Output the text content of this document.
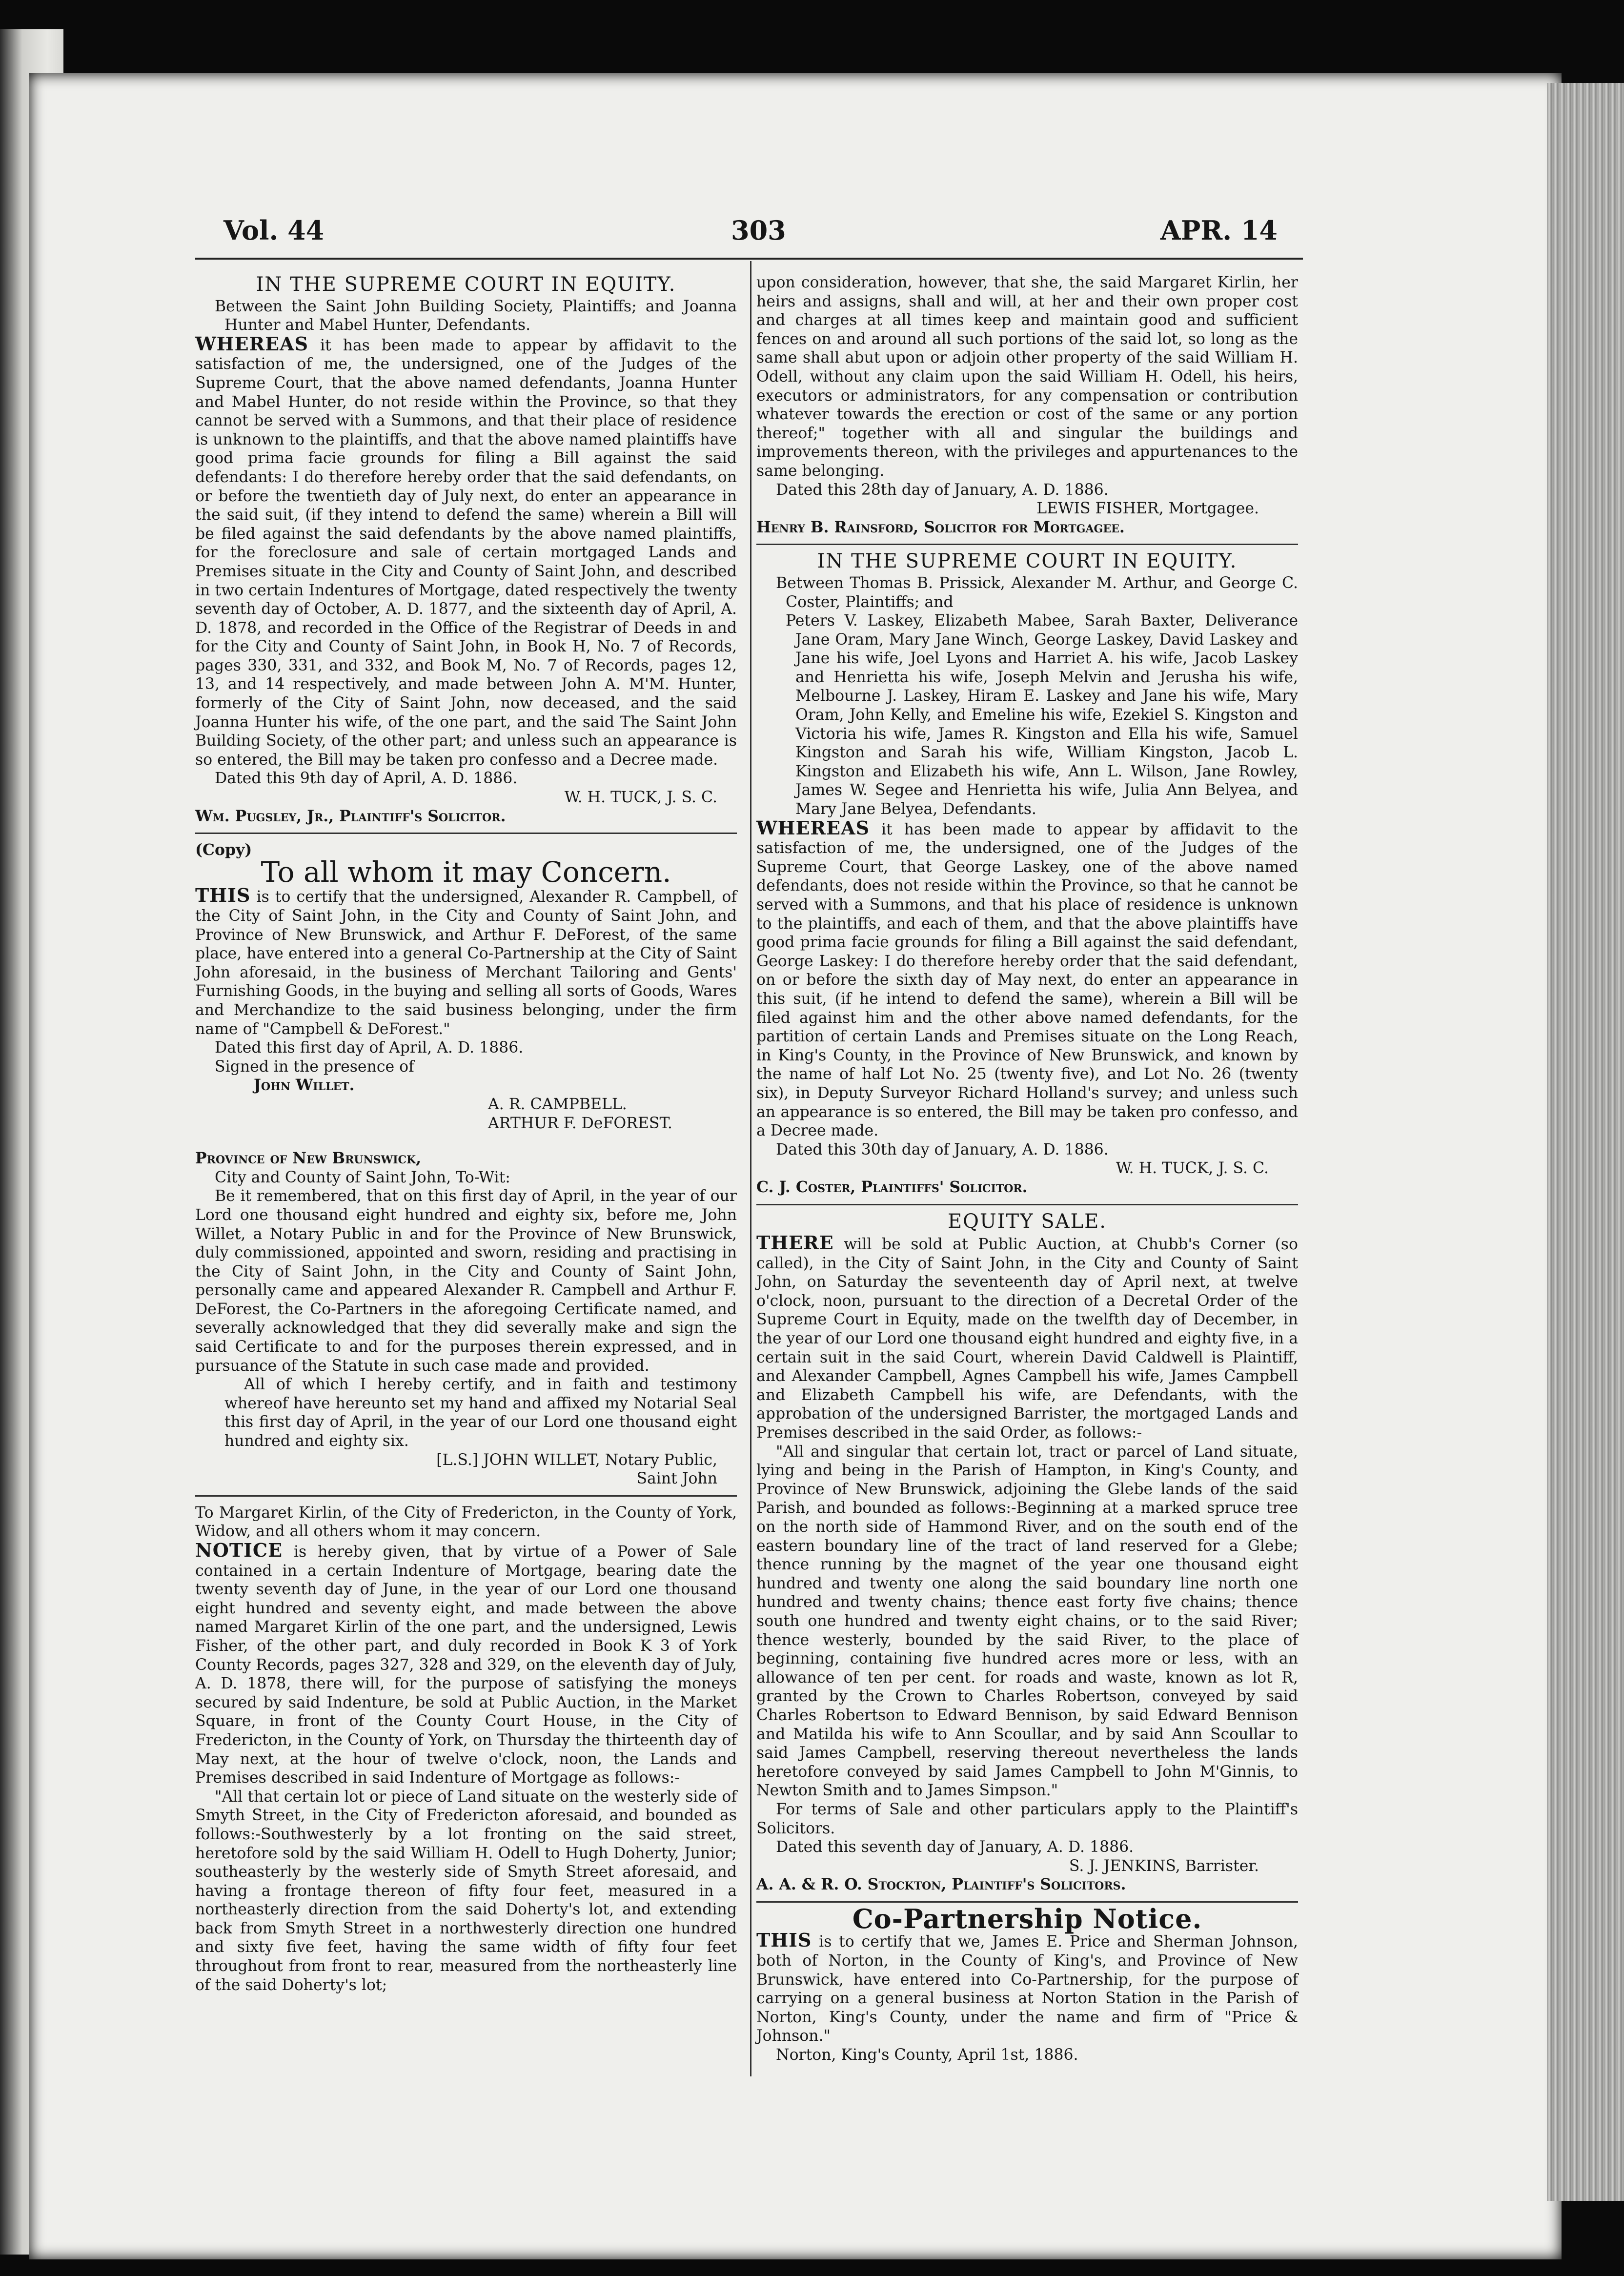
Vol. 44	303	APR. 14
IN THE SUPREME COURT IN EQUITY.

Between the Saint John Building Society, Plaintiffs; and Joanna Hunter and Mabel Hunter, Defendants.

WHEREAS it has been made to appear by affidavit to the satisfaction of me, the undersigned, one of the Judges of the Supreme Court, that the above named defendants, Joanna Hunter and Mabel Hunter, do not reside within the Province, so that they cannot be served with a Summons, and that their place of residence is unknown to the plaintiffs, and that the above named plaintiffs have good prima facie grounds for filing a Bill against the said defendants: I do therefore hereby order that the said defendants, on or before the twentieth day of July next, do enter an appearance in the said suit, (if they intend to defend the same) wherein a Bill will be filed against the said defendants by the above named plaintiffs, for the foreclosure and sale of certain mortgaged Lands and Premises situate in the City and County of Saint John, and described in two certain Indentures of Mortgage, dated respectively the twenty seventh day of October, A. D. 1877, and the sixteenth day of April, A. D. 1878, and recorded in the Office of the Registrar of Deeds in and for the City and County of Saint John, in Book H, No. 7 of Records, pages 330, 331, and 332, and Book M, No. 7 of Records, pages 12, 13, and 14 respectively, and made between John A. M'M. Hunter, formerly of the City of Saint John, now deceased, and the said Joanna Hunter his wife, of the one part, and the said The Saint John Building Society, of the other part; and unless such an appearance is so entered, the Bill may be taken pro confesso and a Decree made.

Dated this 9th day of April, A. D. 1886.

W. H. TUCK, J. S. C.

Wm. Pugsley, Jr., Plaintiff's Solicitor.

(Copy)

To all whom it may Concern.

THIS is to certify that the undersigned, Alexander R. Campbell, of the City of Saint John, in the City and County of Saint John, and Province of New Brunswick, and Arthur F. DeForest, of the same place, have entered into a general Co-Partnership at the City of Saint John aforesaid, in the business of Merchant Tailoring and Gents' Furnishing Goods, in the buying and selling all sorts of Goods, Wares and Merchandize to the said business belonging, under the firm name of "Campbell & DeForest."

Dated this first day of April, A. D. 1886.

Signed in the presence of

John Willet.

A. R. CAMPBELL.

ARTHUR F. DeFOREST.

Province of New Brunswick,

City and County of Saint John, To-Wit:

Be it remembered, that on this first day of April, in the year of our Lord one thousand eight hundred and eighty six, before me, John Willet, a Notary Public in and for the Province of New Brunswick, duly commissioned, appointed and sworn, residing and practising in the City of Saint John, in the City and County of Saint John, personally came and appeared Alexander R. Campbell and Arthur F. DeForest, the Co-Partners in the aforegoing Certificate named, and severally acknowledged that they did severally make and sign the said Certificate to and for the purposes therein expressed, and in pursuance of the Statute in such case made and provided.

All of which I hereby certify, and in faith and testimony whereof have hereunto set my hand and affixed my Notarial Seal this first day of April, in the year of our Lord one thousand eight hundred and eighty six.

[L.S.] JOHN WILLET, Notary Public,

Saint John

To Margaret Kirlin, of the City of Fredericton, in the County of York, Widow, and all others whom it may concern.

NOTICE is hereby given, that by virtue of a Power of Sale contained in a certain Indenture of Mortgage, bearing date the twenty seventh day of June, in the year of our Lord one thousand eight hundred and seventy eight, and made between the above named Margaret Kirlin of the one part, and the undersigned, Lewis Fisher, of the other part, and duly recorded in Book K 3 of York County Records, pages 327, 328 and 329, on the eleventh day of July, A. D. 1878, there will, for the purpose of satisfying the moneys secured by said Indenture, be sold at Public Auction, in the Market Square, in front of the County Court House, in the City of Fredericton, in the County of York, on Thursday the thirteenth day of May next, at the hour of twelve o'clock, noon, the Lands and Premises described in said Indenture of Mortgage as follows:-

"All that certain lot or piece of Land situate on the westerly side of Smyth Street, in the City of Fredericton aforesaid, and bounded as follows:-Southwesterly by a lot fronting on the said street, heretofore sold by the said William H. Odell to Hugh Doherty, Junior; southeasterly by the westerly side of Smyth Street aforesaid, and having a frontage thereon of fifty four feet, measured in a northeasterly direction from the said Doherty's lot, and extending back from Smyth Street in a northwesterly direction one hundred and sixty five feet, having the same width of fifty four feet throughout from front to rear, measured from the northeasterly line of the said Doherty's lot;

upon consideration, however, that she, the said Margaret Kirlin, her heirs and assigns, shall and will, at her and their own proper cost and charges at all times keep and maintain good and sufficient fences on and around all such portions of the said lot, so long as the same shall abut upon or adjoin other property of the said William H. Odell, without any claim upon the said William H. Odell, his heirs, executors or administrators, for any compensation or contribution whatever towards the erection or cost of the same or any portion thereof;" together with all and singular the buildings and improvements thereon, with the privileges and appurtenances to the same belonging.

Dated this 28th day of January, A. D. 1886.

LEWIS FISHER, Mortgagee.

Henry B. Rainsford, Solicitor for Mortgagee.

IN THE SUPREME COURT IN EQUITY.

Between Thomas B. Prissick, Alexander M. Arthur, and George C. Coster, Plaintiffs; and

Peters V. Laskey, Elizabeth Mabee, Sarah Baxter, Deliverance Jane Oram, Mary Jane Winch, George Laskey, David Laskey and Jane his wife, Joel Lyons and Harriet A. his wife, Jacob Laskey and Henrietta his wife, Joseph Melvin and Jerusha his wife, Melbourne J. Laskey, Hiram E. Laskey and Jane his wife, Mary Oram, John Kelly, and Emeline his wife, Ezekiel S. Kingston and Victoria his wife, James R. Kingston and Ella his wife, Samuel Kingston and Sarah his wife, William Kingston, Jacob L. Kingston and Elizabeth his wife, Ann L. Wilson, Jane Rowley, James W. Segee and Henrietta his wife, Julia Ann Belyea, and Mary Jane Belyea, Defendants.

WHEREAS it has been made to appear by affidavit to the satisfaction of me, the undersigned, one of the Judges of the Supreme Court, that George Laskey, one of the above named defendants, does not reside within the Province, so that he cannot be served with a Summons, and that his place of residence is unknown to the plaintiffs, and each of them, and that the above plaintiffs have good prima facie grounds for filing a Bill against the said defendant, George Laskey: I do therefore hereby order that the said defendant, on or before the sixth day of May next, do enter an appearance in this suit, (if he intend to defend the same), wherein a Bill will be filed against him and the other above named defendants, for the partition of certain Lands and Premises situate on the Long Reach, in King's County, in the Province of New Brunswick, and known by the name of half Lot No. 25 (twenty five), and Lot No. 26 (twenty six), in Deputy Surveyor Richard Holland's survey; and unless such an appearance is so entered, the Bill may be taken pro confesso, and a Decree made.

Dated this 30th day of January, A. D. 1886.

W. H. TUCK, J. S. C.

C. J. Coster, Plaintiffs' Solicitor.

EQUITY SALE.

THERE will be sold at Public Auction, at Chubb's Corner (so called), in the City of Saint John, in the City and County of Saint John, on Saturday the seventeenth day of April next, at twelve o'clock, noon, pursuant to the direction of a Decretal Order of the Supreme Court in Equity, made on the twelfth day of December, in the year of our Lord one thousand eight hundred and eighty five, in a certain suit in the said Court, wherein David Caldwell is Plaintiff, and Alexander Campbell, Agnes Campbell his wife, James Campbell and Elizabeth Campbell his wife, are Defendants, with the approbation of the undersigned Barrister, the mortgaged Lands and Premises described in the said Order, as follows:-

"All and singular that certain lot, tract or parcel of Land situate, lying and being in the Parish of Hampton, in King's County, and Province of New Brunswick, adjoining the Glebe lands of the said Parish, and bounded as follows:-Beginning at a marked spruce tree on the north side of Hammond River, and on the south end of the eastern boundary line of the tract of land reserved for a Glebe; thence running by the magnet of the year one thousand eight hundred and twenty one along the said boundary line north one hundred and twenty chains; thence east forty five chains; thence south one hundred and twenty eight chains, or to the said River; thence westerly, bounded by the said River, to the place of beginning, containing five hundred acres more or less, with an allowance of ten per cent. for roads and waste, known as lot R, granted by the Crown to Charles Robertson, conveyed by said Charles Robertson to Edward Bennison, by said Edward Bennison and Matilda his wife to Ann Scoullar, and by said Ann Scoullar to said James Campbell, reserving thereout nevertheless the lands heretofore conveyed by said James Campbell to John M'Ginnis, to Newton Smith and to James Simpson."

For terms of Sale and other particulars apply to the Plaintiff's Solicitors.

Dated this seventh day of January, A. D. 1886.

S. J. JENKINS, Barrister.

A. A. & R. O. Stockton, Plaintiff's Solicitors.

Co-Partnership Notice.

THIS is to certify that we, James E. Price and Sherman Johnson, both of Norton, in the County of King's, and Province of New Brunswick, have entered into Co-Partnership, for the purpose of carrying on a general business at Norton Station in the Parish of Norton, King's County, under the name and firm of "Price & Johnson."

Norton, King's County, April 1st, 1886.
